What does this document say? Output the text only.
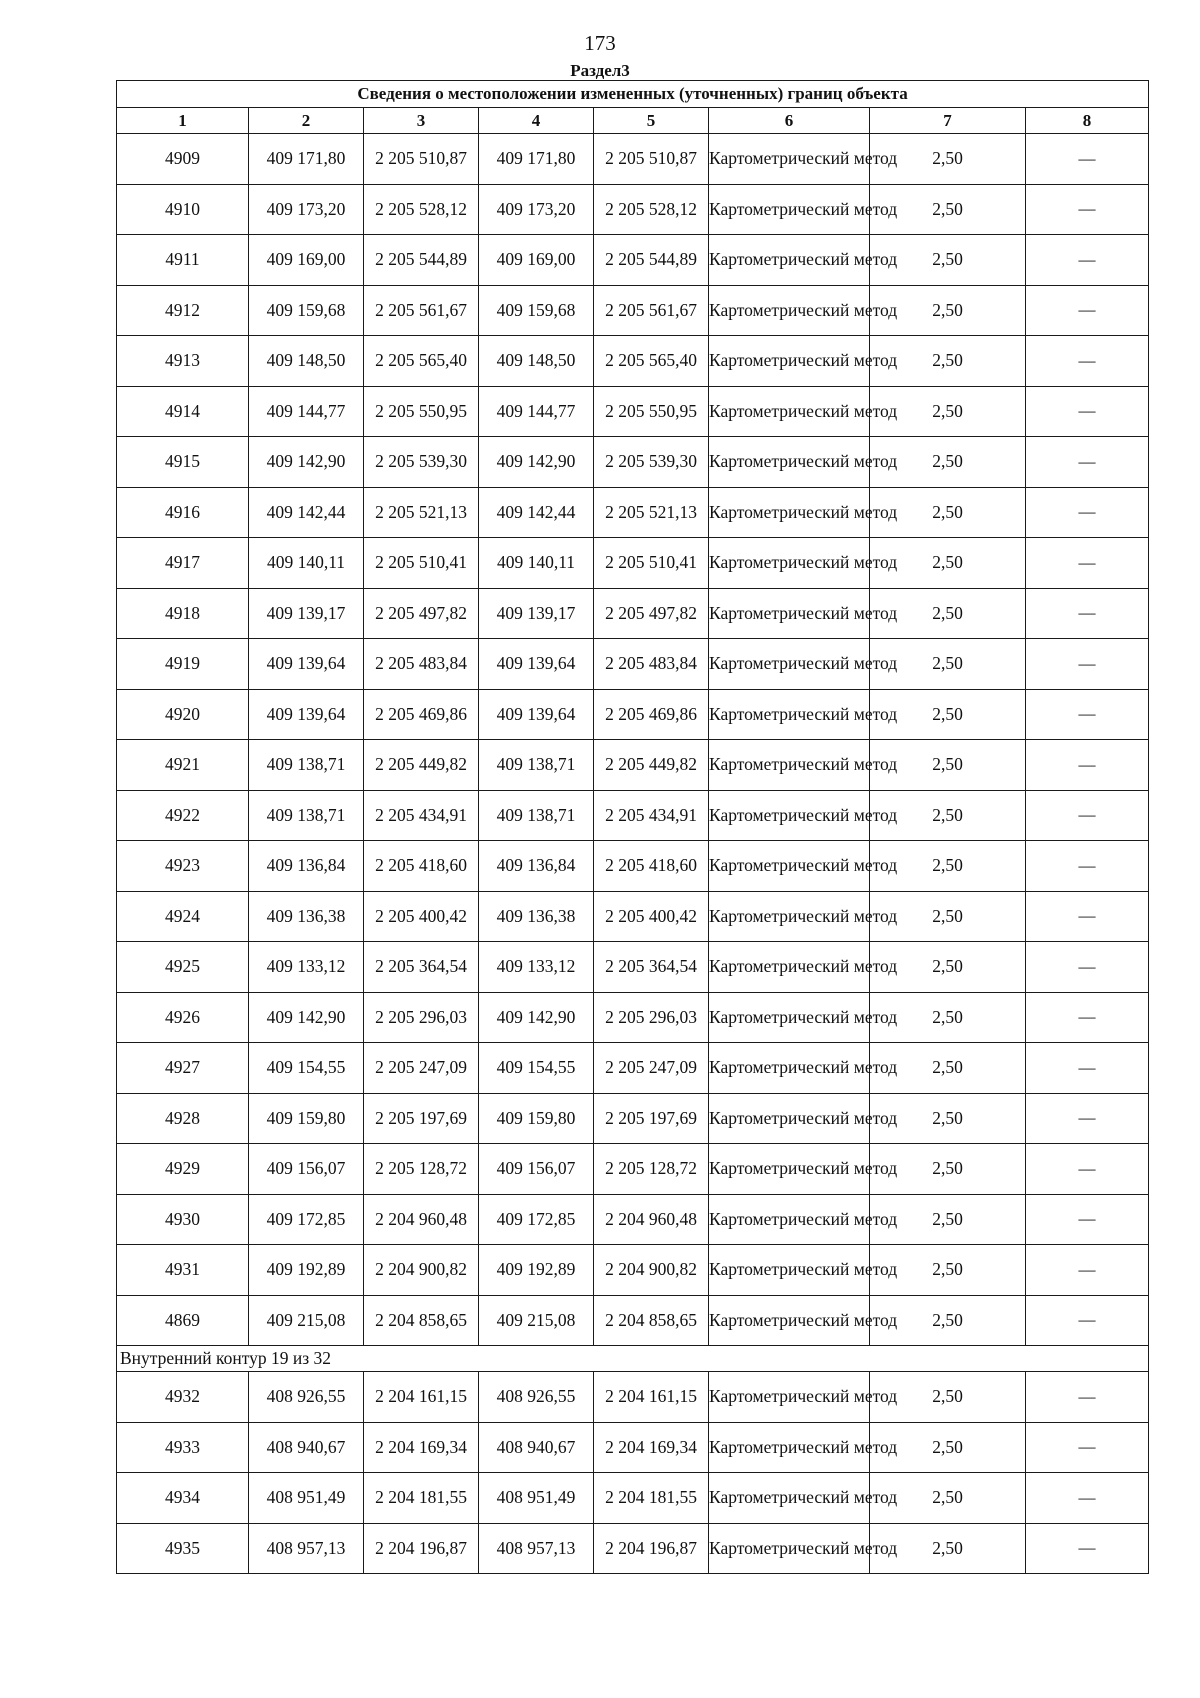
173
Раздел3
Сведения о местоположении измененных (уточненных) границ объекта							
1	2	3	4	5	6	7	8
4909	409 171,80	2 205 510,87	409 171,80	2 205 510,87	Картометрический метод	2,50	—
4910	409 173,20	2 205 528,12	409 173,20	2 205 528,12	Картометрический метод	2,50	—
4911	409 169,00	2 205 544,89	409 169,00	2 205 544,89	Картометрический метод	2,50	—
4912	409 159,68	2 205 561,67	409 159,68	2 205 561,67	Картометрический метод	2,50	—
4913	409 148,50	2 205 565,40	409 148,50	2 205 565,40	Картометрический метод	2,50	—
4914	409 144,77	2 205 550,95	409 144,77	2 205 550,95	Картометрический метод	2,50	—
4915	409 142,90	2 205 539,30	409 142,90	2 205 539,30	Картометрический метод	2,50	—
4916	409 142,44	2 205 521,13	409 142,44	2 205 521,13	Картометрический метод	2,50	—
4917	409 140,11	2 205 510,41	409 140,11	2 205 510,41	Картометрический метод	2,50	—
4918	409 139,17	2 205 497,82	409 139,17	2 205 497,82	Картометрический метод	2,50	—
4919	409 139,64	2 205 483,84	409 139,64	2 205 483,84	Картометрический метод	2,50	—
4920	409 139,64	2 205 469,86	409 139,64	2 205 469,86	Картометрический метод	2,50	—
4921	409 138,71	2 205 449,82	409 138,71	2 205 449,82	Картометрический метод	2,50	—
4922	409 138,71	2 205 434,91	409 138,71	2 205 434,91	Картометрический метод	2,50	—
4923	409 136,84	2 205 418,60	409 136,84	2 205 418,60	Картометрический метод	2,50	—
4924	409 136,38	2 205 400,42	409 136,38	2 205 400,42	Картометрический метод	2,50	—
4925	409 133,12	2 205 364,54	409 133,12	2 205 364,54	Картометрический метод	2,50	—
4926	409 142,90	2 205 296,03	409 142,90	2 205 296,03	Картометрический метод	2,50	—
4927	409 154,55	2 205 247,09	409 154,55	2 205 247,09	Картометрический метод	2,50	—
4928	409 159,80	2 205 197,69	409 159,80	2 205 197,69	Картометрический метод	2,50	—
4929	409 156,07	2 205 128,72	409 156,07	2 205 128,72	Картометрический метод	2,50	—
4930	409 172,85	2 204 960,48	409 172,85	2 204 960,48	Картометрический метод	2,50	—
4931	409 192,89	2 204 900,82	409 192,89	2 204 900,82	Картометрический метод	2,50	—
4869	409 215,08	2 204 858,65	409 215,08	2 204 858,65	Картометрический метод	2,50	—
Внутренний контур 19 из 32							
4932	408 926,55	2 204 161,15	408 926,55	2 204 161,15	Картометрический метод	2,50	—
4933	408 940,67	2 204 169,34	408 940,67	2 204 169,34	Картометрический метод	2,50	—
4934	408 951,49	2 204 181,55	408 951,49	2 204 181,55	Картометрический метод	2,50	—
4935	408 957,13	2 204 196,87	408 957,13	2 204 196,87	Картометрический метод	2,50	—
